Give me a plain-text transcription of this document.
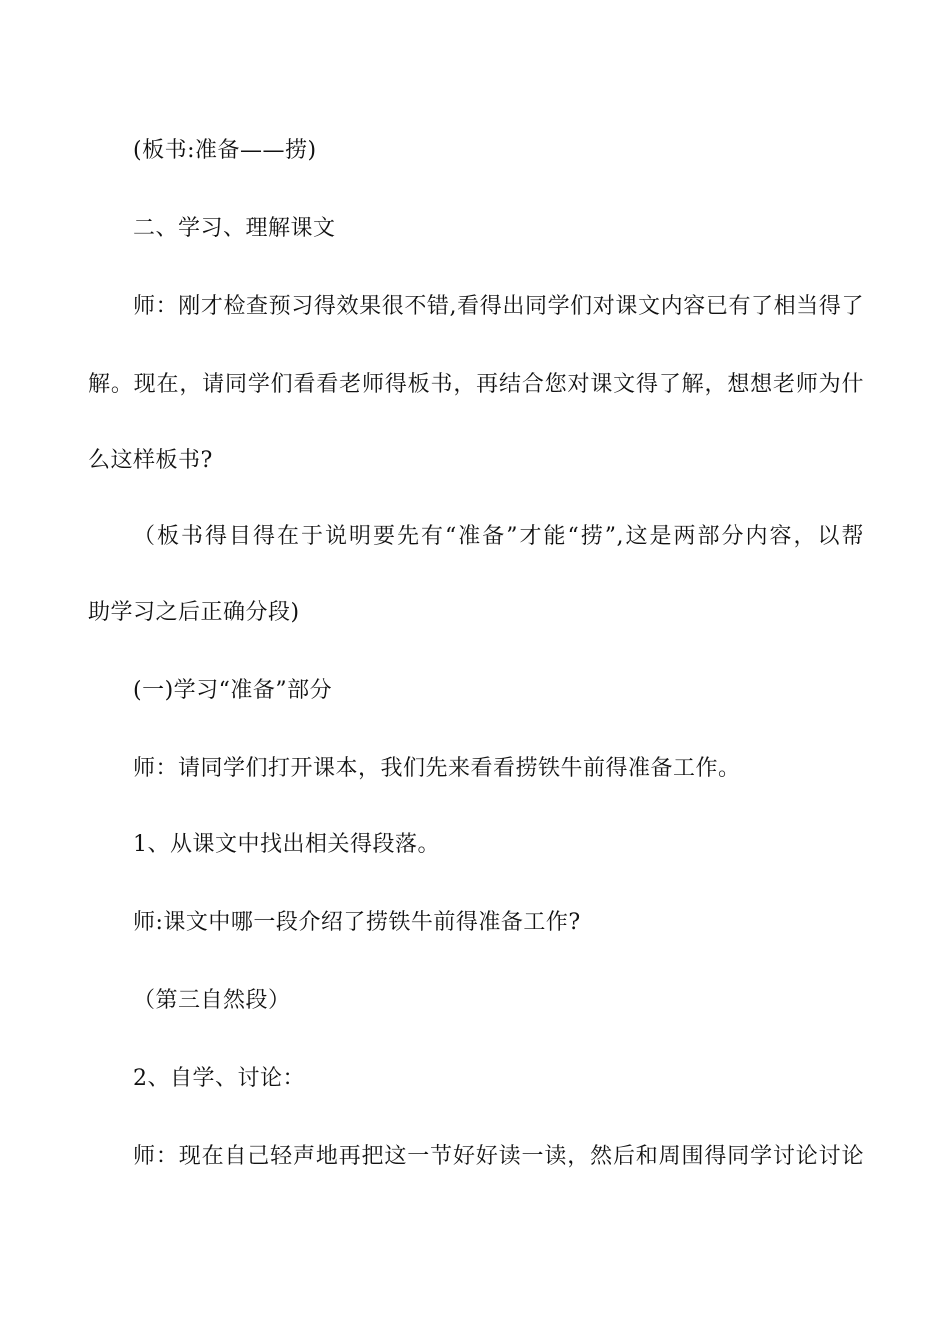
(板书:准备——捞)
二、学习、理解课文
师：刚才检查预习得效果很不错,看得出同学们对课文内容已有了相当得了
解。现在，请同学们看看老师得板书，再结合您对课文得了解，想想老师为什
么这样板书?
（板书得目得在于说明要先有“准备”才能“捞”,这是两部分内容，以帮
助学习之后正确分段)
(一)学习“准备”部分
师：请同学们打开课本，我们先来看看捞铁牛前得准备工作。
1、从课文中找出相关得段落。
师:课文中哪一段介绍了捞铁牛前得准备工作?
（第三自然段）
2、自学、讨论：
师：现在自己轻声地再把这一节好好读一读，然后和周围得同学讨论讨论
